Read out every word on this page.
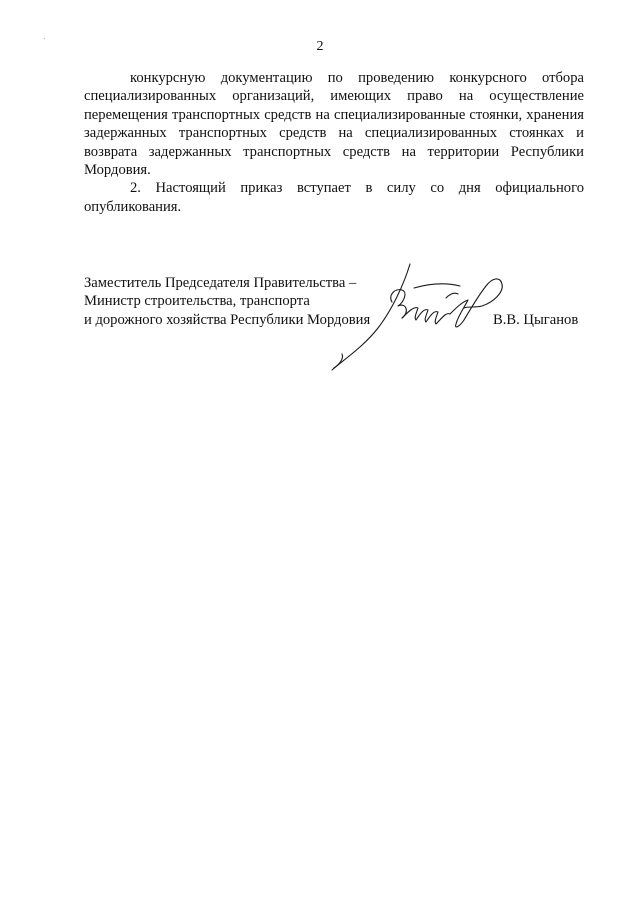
2

конкурсную документацию по проведению конкурсного отбора специализированных организаций, имеющих право на осуществление перемещения транспортных средств на специализированные стоянки, хранения задержанных транспортных средств на специализированных стоянках и возврата задержанных транспортных средств на территории Республики Мордовия.

2. Настоящий приказ вступает в силу со дня официального опубликования.

Заместитель Председателя Правительства –
Министр строительства, транспорта
и дорожного хозяйства Республики Мордовия	В.В. Цыганов
